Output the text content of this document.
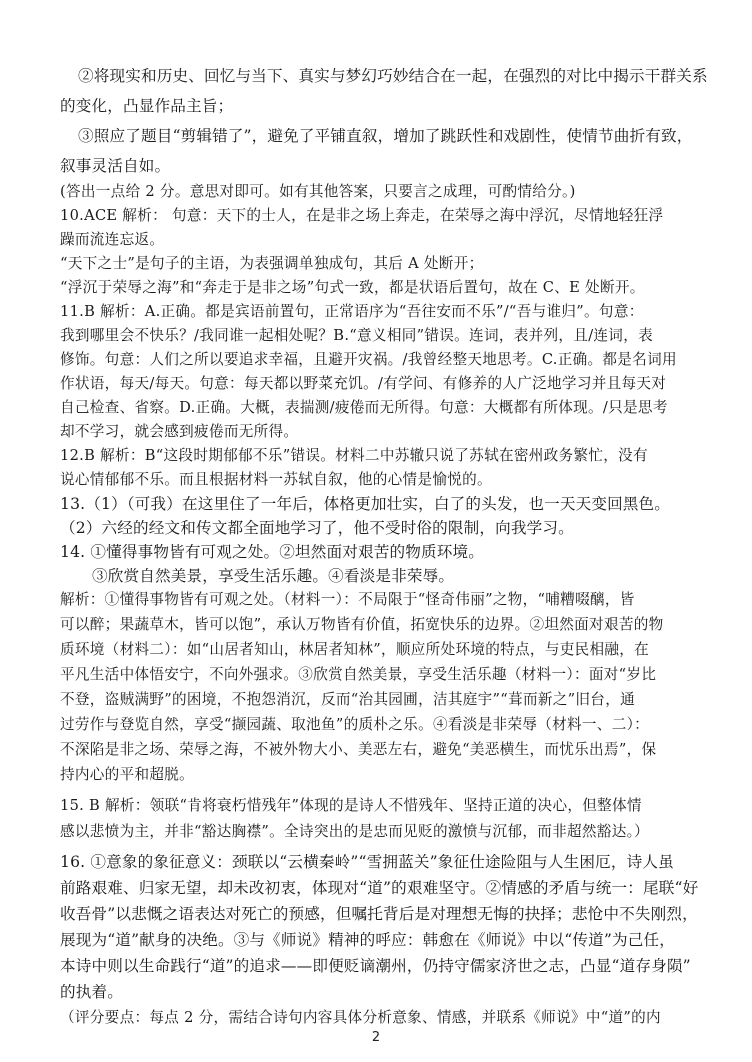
②将现实和历史、回忆与当下、真实与梦幻巧妙结合在一起，在强烈的对比中揭示干群关系
的变化，凸显作品主旨；
③照应了题目“剪辑错了”，避免了平铺直叙，增加了跳跃性和戏剧性，使情节曲折有致，
叙事灵活自如。
(答出一点给 2 分。意思对即可。如有其他答案，只要言之成理，可酌情给分。)
10.ACE 解析： 句意：天下的士人，在是非之场上奔走，在荣辱之海中浮沉，尽情地轻狂浮
躁而流连忘返。
“天下之士”是句子的主语，为表强调单独成句，其后 A 处断开；
“浮沉于荣辱之海”和“奔走于是非之场”句式一致，都是状语后置句，故在 C、E 处断开。
11.B 解析：A.正确。都是宾语前置句，正常语序为“吾往安而不乐”/“吾与谁归”。句意：
我到哪里会不快乐？/我同谁一起相处呢？B.“意义相同”错误。连词，表并列，且/连词，表
修饰。句意：人们之所以要追求幸福，且避开灾祸。/我曾经整天地思考。C.正确。都是名词用
作状语，每天/每天。句意：每天都以野菜充饥。/有学问、有修养的人广泛地学习并且每天对
自己检查、省察。D.正确。大概，表揣测/疲倦而无所得。句意：大概都有所体现。/只是思考
却不学习，就会感到疲倦而无所得。
12.B 解析：B“这段时期郁郁不乐”错误。材料二中苏辙只说了苏轼在密州政务繁忙，没有
说心情郁郁不乐。而且根据材料一苏轼自叙，他的心情是愉悦的。
13.（1）（可我）在这里住了一年后，体格更加壮实，白了的头发，也一天天变回黑色。
（2）六经的经文和传文都全面地学习了，他不受时俗的限制，向我学习。
14. ①懂得事物皆有可观之处。②坦然面对艰苦的物质环境。
③欣赏自然美景，享受生活乐趣。④看淡是非荣辱。
解析：①懂得事物皆有可观之处。（材料一）：不局限于“怪奇伟丽”之物，“哺糟啜醨，皆
可以醉；果蔬草木，皆可以饱”，承认万物皆有价值，拓宽快乐的边界。②坦然面对艰苦的物
质环境（材料二）：如“山居者知山，林居者知林”，顺应所处环境的特点，与吏民相融，在
平凡生活中体悟安宁，不向外强求。③欣赏自然美景，享受生活乐趣（材料一）：面对“岁比
不登，盗贼满野”的困境，不抱怨消沉，反而“治其园圃，洁其庭宇”“葺而新之”旧台，通
过劳作与登览自然，享受“撷园蔬、取池鱼”的质朴之乐。④看淡是非荣辱（材料一、二）：
不深陷是非之场、荣辱之海，不被外物大小、美恶左右，避免“美恶横生，而忧乐出焉”，保
持内心的平和超脱。
15. B 解析：领联“肯将衰朽惜残年”体现的是诗人不惜残年、坚持正道的决心，但整体情
感以悲愤为主，并非“豁达胸襟”。全诗突出的是忠而见贬的激愤与沉郁，而非超然豁达。）
16. ①意象的象征意义：颈联以“云横秦岭”“雪拥蓝关”象征仕途险阻与人生困厄，诗人虽
前路艰难、归家无望，却未改初衷，体现对“道”的艰难坚守。②情感的矛盾与统一：尾联“好
收吾骨”以悲慨之语表达对死亡的预感，但嘱托背后是对理想无悔的抉择；悲怆中不失刚烈，
展现为“道”献身的决绝。③与《师说》精神的呼应：韩愈在《师说》中以“传道”为己任，
本诗中则以生命践行“道”的追求——即便贬谪潮州，仍持守儒家济世之志，凸显“道存身陨”
的执着。
（评分要点：每点 2 分，需结合诗句内容具体分析意象、情感，并联系《师说》中“道”的内
2
